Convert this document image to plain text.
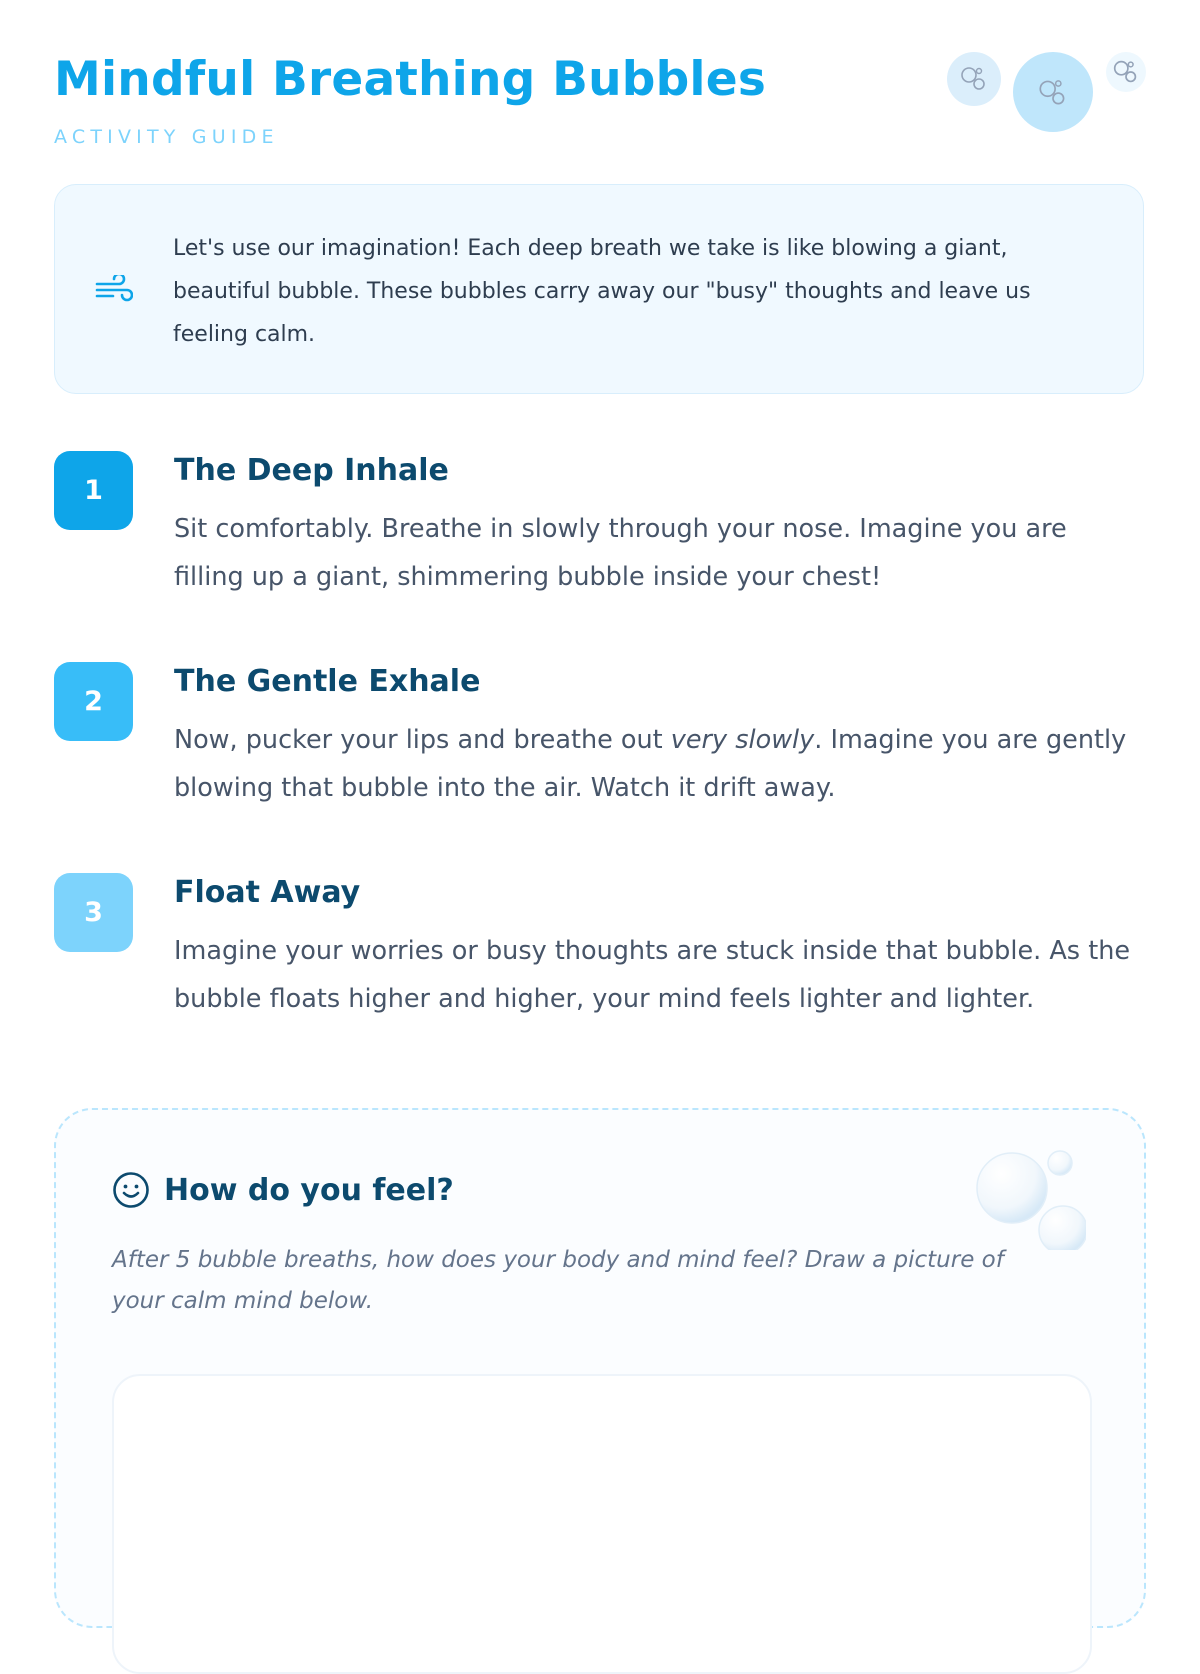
Mindful Breathing Bubbles
ACTIVITY GUIDE

Let's use our imagination! Each deep breath we take is like blowing a giant, beautiful bubble. These bubbles carry away our "busy" thoughts and leave us feeling calm.

1
The Deep Inhale

Sit comfortably. Breathe in slowly through your nose. Imagine you are filling up a giant, shimmering bubble inside your chest!

2
The Gentle Exhale

Now, pucker your lips and breathe out very slowly. Imagine you are gently blowing that bubble into the air. Watch it drift away.

3
Float Away

Imagine your worries or busy thoughts are stuck inside that bubble. As the bubble floats higher and higher, your mind feels lighter and lighter.

How do you feel?

After 5 bubble breaths, how does your body and mind feel? Draw a picture of your calm mind below.
